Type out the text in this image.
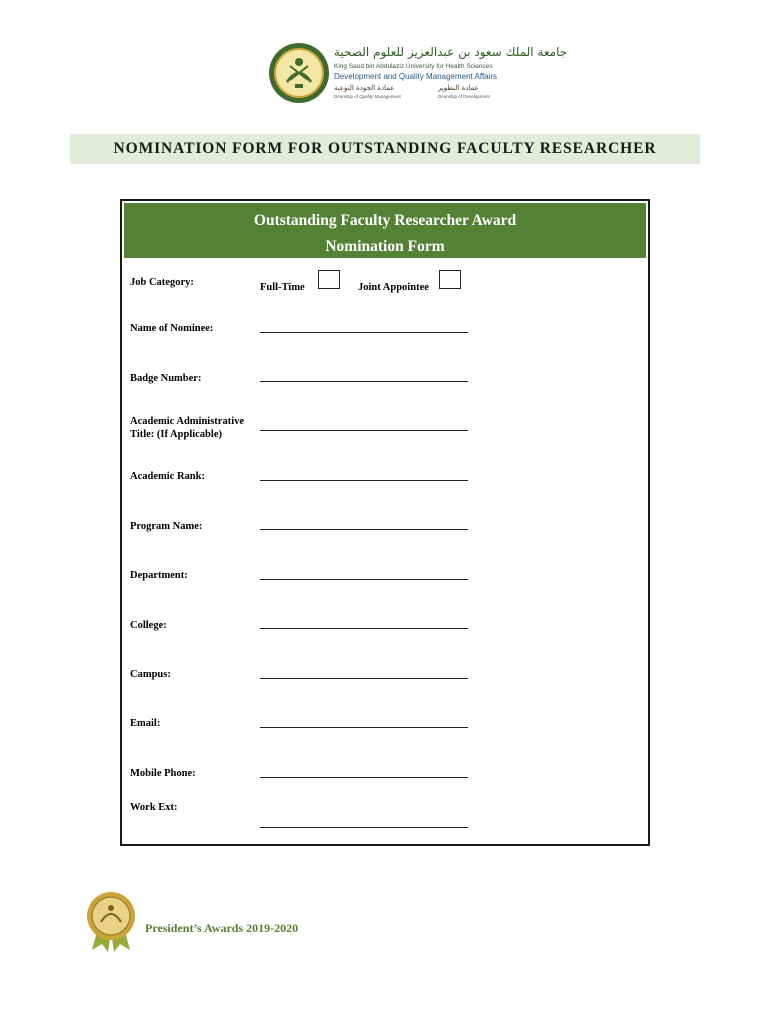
جامعة الملك سعود بن عبدالعزيز للعلوم الصحية
King Saud bin Abdulaziz University for Health Sciences
Development and Quality Management Affairs
عمادة الجودة النوعية	عمادة التطوير
Deanship of Quality Management	Deanship of Development
NOMINATION FORM FOR OUTSTANDING FACULTY RESEARCHER
Outstanding Faculty Researcher Award
Nomination Form
Job Category:	Full-Time	Joint Appointee
Name of Nominee:
Badge Number:
Academic Administrative
Title: (If Applicable)
Academic Rank:
Program Name:
Department:
College:
Campus:
Email:
Mobile Phone:
Work Ext:
President’s Awards 2019-2020
